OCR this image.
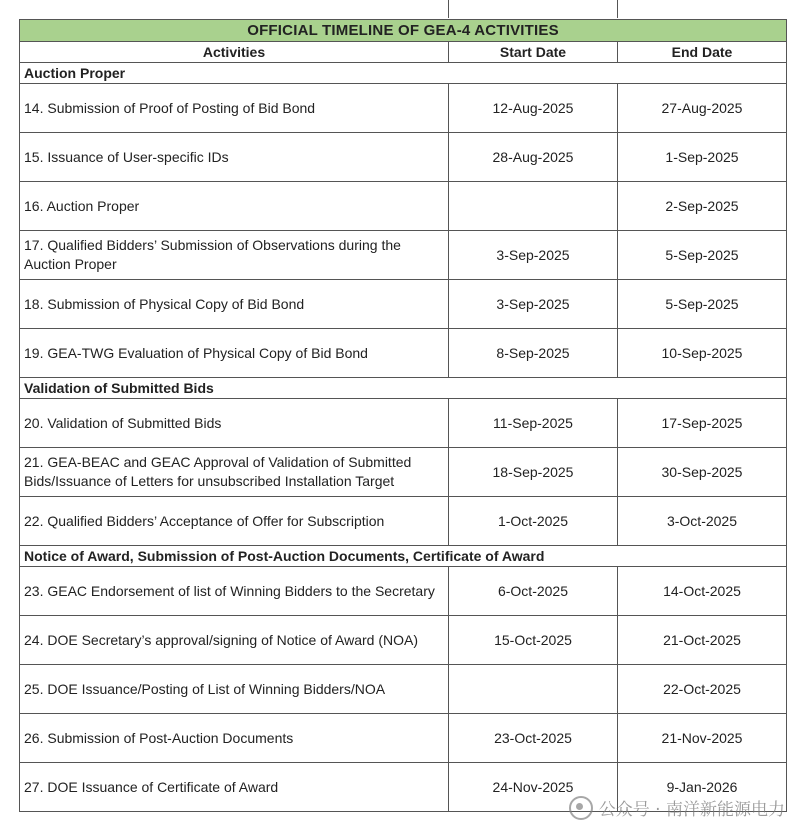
OFFICIAL TIMELINE OF GEA-4 ACTIVITIES		
Activities	Start Date	End Date
Auction Proper		
14. Submission of Proof of Posting of Bid Bond	12-Aug-2025	27-Aug-2025
15. Issuance of User-specific IDs	28-Aug-2025	1-Sep-2025
16. Auction Proper		2-Sep-2025
17. Qualified Bidders’ Submission of Observations during the Auction Proper	3-Sep-2025	5-Sep-2025
18. Submission of Physical Copy of Bid Bond	3-Sep-2025	5-Sep-2025
19. GEA-TWG Evaluation of Physical Copy of Bid Bond	8-Sep-2025	10-Sep-2025
Validation of Submitted Bids		
20. Validation of Submitted Bids	11-Sep-2025	17-Sep-2025
21. GEA-BEAC and GEAC Approval of Validation of Submitted Bids/Issuance of Letters for unsubscribed Installation Target	18-Sep-2025	30-Sep-2025
22. Qualified Bidders’ Acceptance of Offer for Subscription	1-Oct-2025	3-Oct-2025
Notice of Award, Submission of Post-Auction Documents, Certificate of Award		
23. GEAC Endorsement of list of Winning Bidders to the Secretary	6-Oct-2025	14-Oct-2025
24. DOE Secretary’s approval/signing of Notice of Award (NOA)	15-Oct-2025	21-Oct-2025
25. DOE Issuance/Posting of List of Winning Bidders/NOA		22-Oct-2025
26. Submission of Post-Auction Documents	23-Oct-2025	21-Nov-2025
27. DOE Issuance of Certificate of Award	24-Nov-2025	9-Jan-2026
公众号 · 南洋新能源电力
